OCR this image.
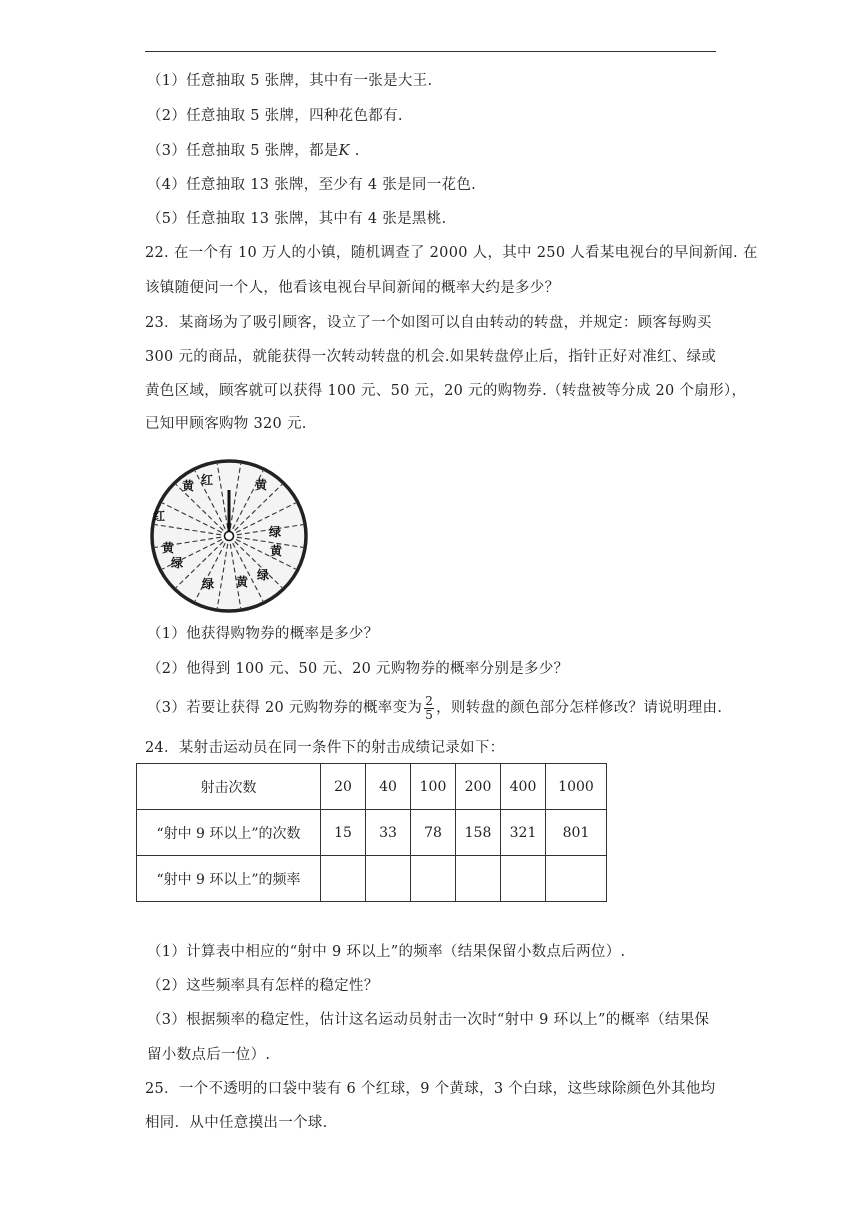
（1）任意抽取 5 张牌，其中有一张是大王.
（2）任意抽取 5 张牌，四种花色都有.
（3）任意抽取 5 张牌，都是K .
（4）任意抽取 13 张牌，至少有 4 张是同一花色.
（5）任意抽取 13 张牌，其中有 4 张是黑桃.
22. 在一个有 10 万人的小镇，随机调查了 2000 人，其中 250 人看某电视台的早间新闻. 在
该镇随便问一个人，他看该电视台早间新闻的概率大约是多少？
23．某商场为了吸引顾客，设立了一个如图可以自由转动的转盘，并规定：顾客每购买
300 元的商品，就能获得一次转动转盘的机会.如果转盘停止后，指针正好对准红、绿或
黄色区域，顾客就可以获得 100 元、50 元，20 元的购物券.（转盘被等分成 20 个扇形），
已知甲顾客购物 320 元.
黄 红	黄
红
绿
黄
黄
绿
绿 黄 绿
（1）他获得购物券的概率是多少？
（2）他得到 100 元、50 元、20 元购物券的概率分别是多少？
（3）若要让获得 20 元购物券的概率变为 $\frac{2}{5}$ ，则转盘的颜色部分怎样修改？请说明理由.
24．某射击运动员在同一条件下的射击成绩记录如下：
射击次数	20	40	100	200	400	1000
“射中 9 环以上”的次数	15	33	78	158	321	801
“射中 9 环以上”的频率						
（1）计算表中相应的“射中 9 环以上”的频率（结果保留小数点后两位）.
（2）这些频率具有怎样的稳定性？
（3）根据频率的稳定性，估计这名运动员射击一次时“射中 9 环以上”的概率（结果保
留小数点后一位）.
25．一个不透明的口袋中装有 6 个红球，9 个黄球，3 个白球，这些球除颜色外其他均
相同．从中任意摸出一个球.
